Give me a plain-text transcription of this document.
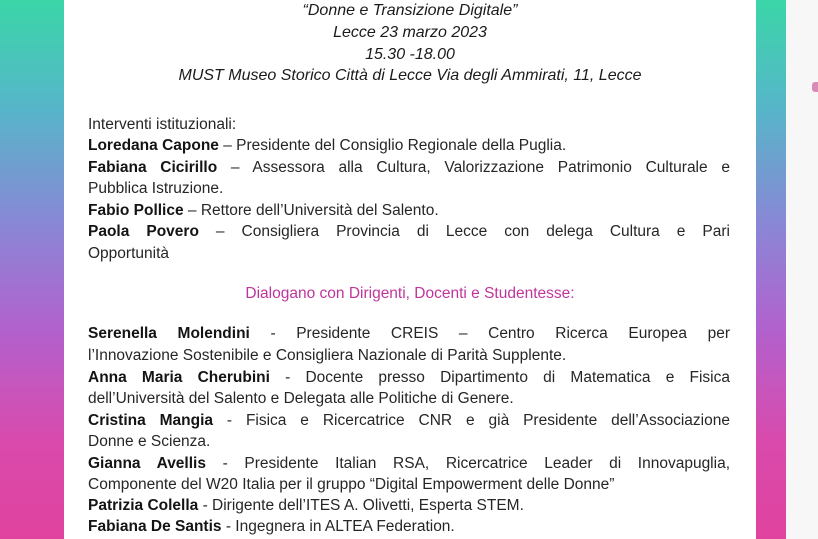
“Donne e Transizione Digitale”
Lecce 23 marzo 2023
15.30 -18.00
MUST Museo Storico Città di Lecce Via degli Ammirati, 11, Lecce
Interventi istituzionali:
Loredana Capone – Presidente del Consiglio Regionale della Puglia.
Fabiana Cicirillo – Assessora alla Cultura, Valorizzazione Patrimonio Culturale e
Pubblica Istruzione.
Fabio Pollice – Rettore dell’Università del Salento.
Paola Povero – Consigliera Provincia di Lecce con delega Cultura e Pari
Opportunità
Dialogano con Dirigenti, Docenti e Studentesse:
Serenella Molendini - Presidente CREIS – Centro Ricerca Europea per
l’Innovazione Sostenibile e Consigliera Nazionale di Parità Supplente.
Anna Maria Cherubini - Docente presso Dipartimento di Matematica e Fisica
dell’Università del Salento e Delegata alle Politiche di Genere.
Cristina Mangia - Fisica e Ricercatrice CNR e già Presidente dell’Associazione
Donne e Scienza.
Gianna Avellis - Presidente Italian RSA, Ricercatrice Leader di Innovapuglia,
Componente del W20 Italia per il gruppo “Digital Empowerment delle Donne”
Patrizia Colella - Dirigente dell’ITES A. Olivetti, Esperta STEM.
Fabiana De Santis - Ingegnera in ALTEA Federation.
